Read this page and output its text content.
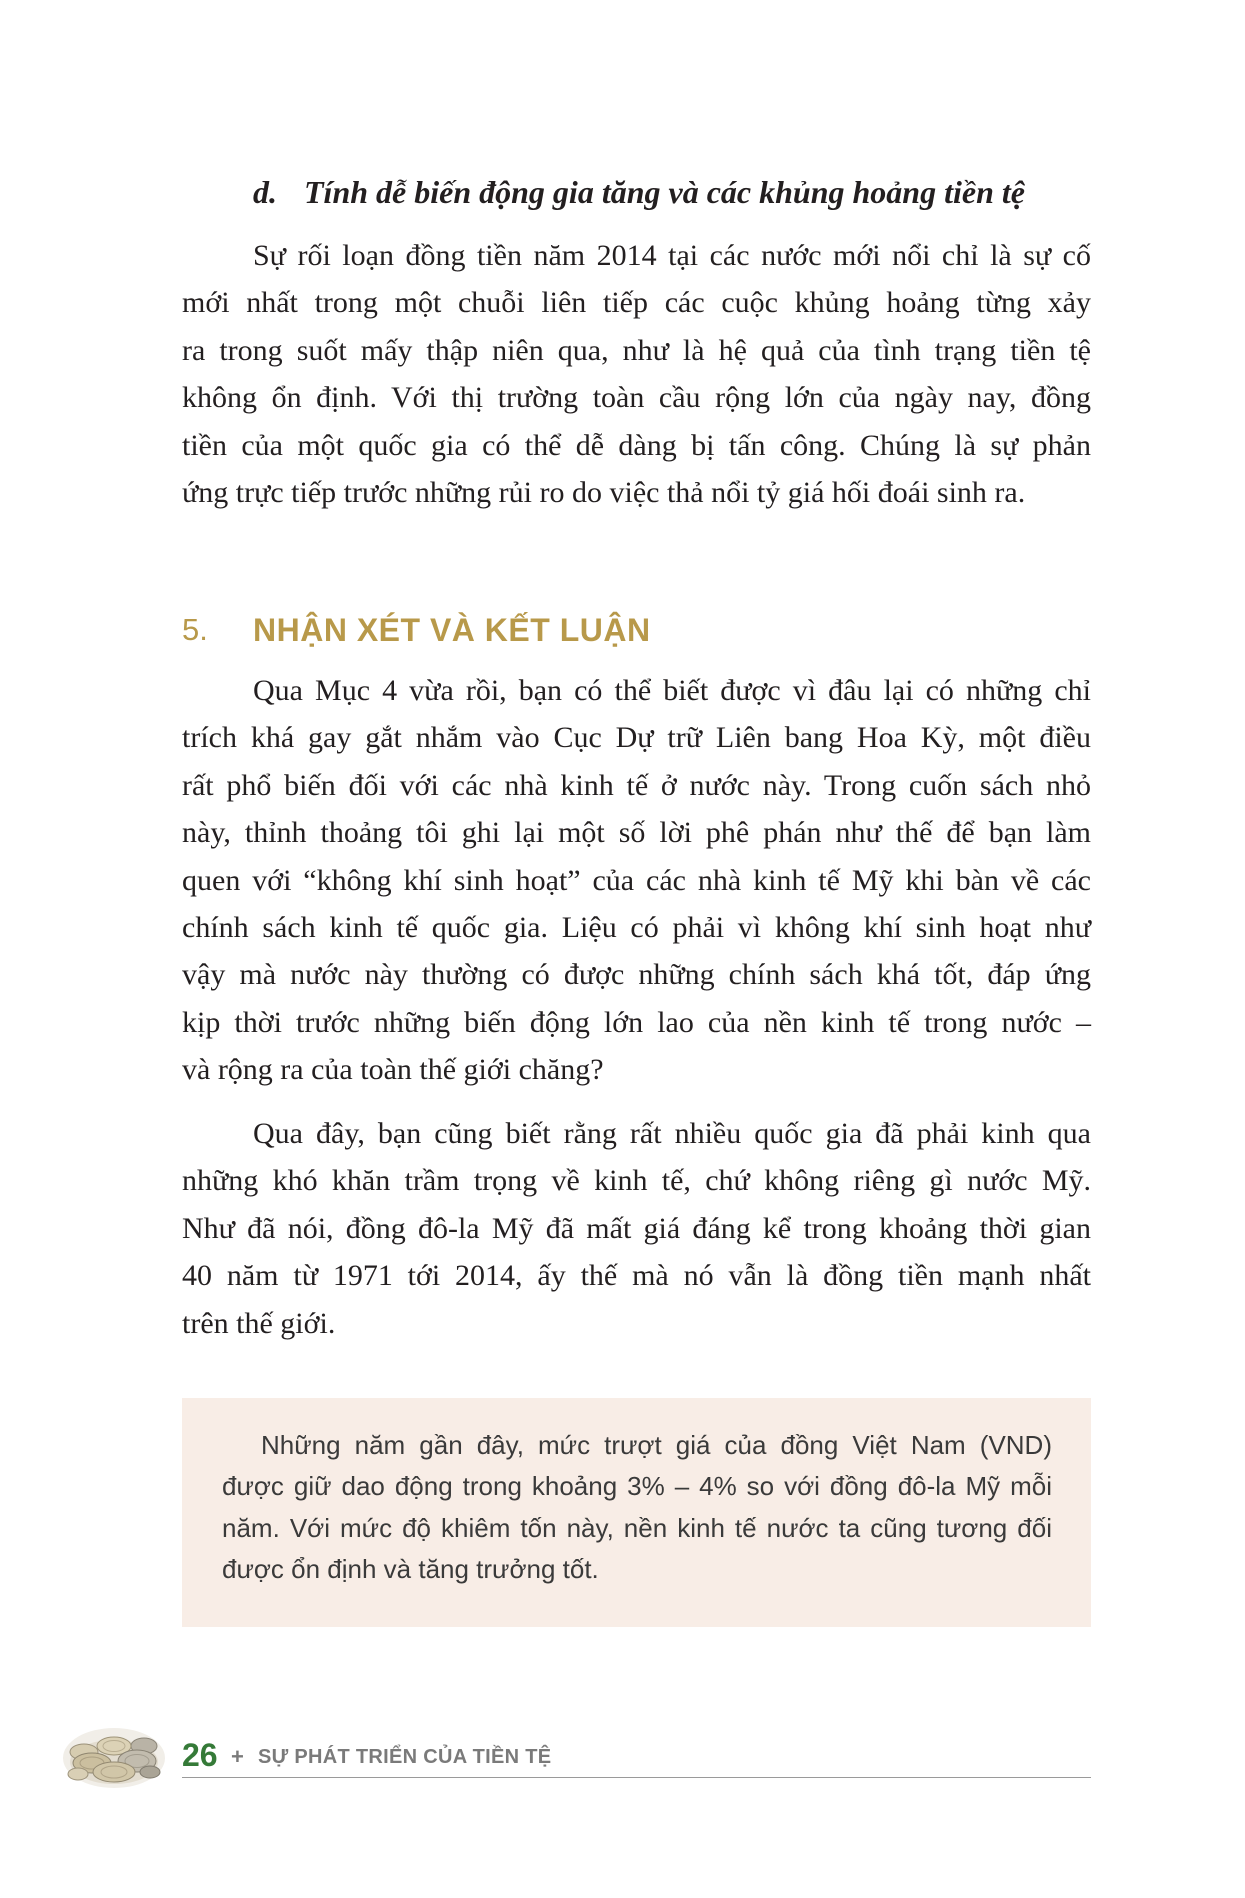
d. Tính dễ biến động gia tăng và các khủng hoảng tiền tệ
Sự rối loạn đồng tiền năm 2014 tại các nước mới nổi chỉ là sự cố
mới nhất trong một chuỗi liên tiếp các cuộc khủng hoảng từng xảy
ra trong suốt mấy thập niên qua, như là hệ quả của tình trạng tiền tệ
không ổn định. Với thị trường toàn cầu rộng lớn của ngày nay, đồng
tiền của một quốc gia có thể dễ dàng bị tấn công. Chúng là sự phản
ứng trực tiếp trước những rủi ro do việc thả nổi tỷ giá hối đoái sinh ra.
5. NHẬN XÉT VÀ KẾT LUẬN
Qua Mục 4 vừa rồi, bạn có thể biết được vì đâu lại có những chỉ
trích khá gay gắt nhắm vào Cục Dự trữ Liên bang Hoa Kỳ, một điều
rất phổ biến đối với các nhà kinh tế ở nước này. Trong cuốn sách nhỏ
này, thỉnh thoảng tôi ghi lại một số lời phê phán như thế để bạn làm
quen với “không khí sinh hoạt” của các nhà kinh tế Mỹ khi bàn về các
chính sách kinh tế quốc gia. Liệu có phải vì không khí sinh hoạt như
vậy mà nước này thường có được những chính sách khá tốt, đáp ứng
kịp thời trước những biến động lớn lao của nền kinh tế trong nước –
và rộng ra của toàn thế giới chăng?
Qua đây, bạn cũng biết rằng rất nhiều quốc gia đã phải kinh qua
những khó khăn trầm trọng về kinh tế, chứ không riêng gì nước Mỹ.
Như đã nói, đồng đô-la Mỹ đã mất giá đáng kể trong khoảng thời gian
40 năm từ 1971 tới 2014, ấy thế mà nó vẫn là đồng tiền mạnh nhất
trên thế giới.
Những năm gần đây, mức trượt giá của đồng Việt Nam (VND)
được giữ dao động trong khoảng 3% – 4% so với đồng đô-la Mỹ mỗi
năm. Với mức độ khiêm tốn này, nền kinh tế nước ta cũng tương đối
được ổn định và tăng trưởng tốt.
26 + SỰ PHÁT TRIỂN CỦA TIỀN TỆ
